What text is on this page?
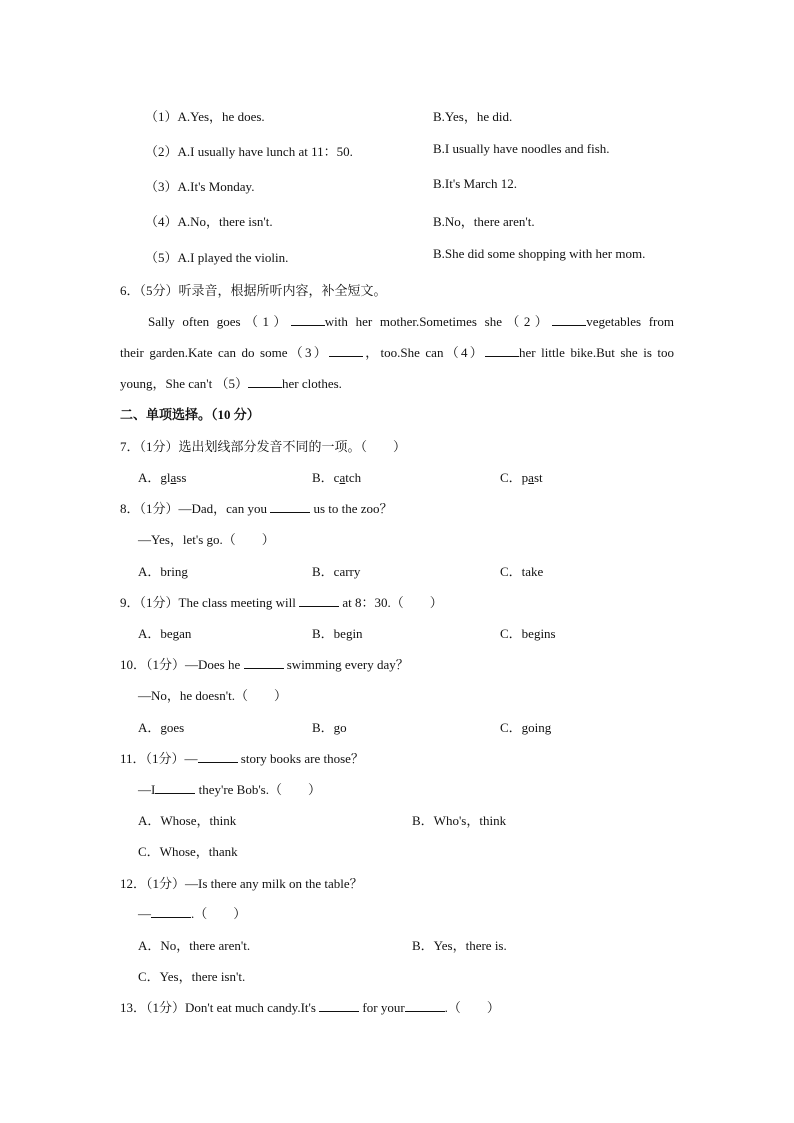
（1）A.Yes，he does.	B.Yes，he did.
（2）A.I usually have lunch at 11：50.	B.I usually have noodles and fish.
（3）A.It's Monday.	B.It's March 12.
（4）A.No，there isn't.	B.No，there aren't.
（5）A.I played the violin.	B.She did some shopping with her mom.
6．（5分）听录音，根据所听内容，补全短文。
Sally often goes（1）	with her mother.Sometimes she（2）	vegetables from
their garden.Kate can do some（3）	，too.She can（4）	her little bike.But she is too
young，She can't （5）	her clothes.
二、单项选择。（10 分）
7．（1分）选出划线部分发音不同的一项。（　　）
A．glass	B．catch	C．past
8．（1分）—Dad，can you	us to the zoo？
—Yes，let's go.（　　）
A．bring	B．carry	C．take
9．（1分）The class meeting will	at 8：30.（　　）
A．began	B．begin	C．begins
10．（1分）—Does he	swimming every day？
—No，he doesn't.（　　）
A．goes	B．go	C．going
11．（1分）—	story books are those？
—I	they're Bob's.（　　）
A．Whose，think	B．Who's，think
C．Whose，thank
12．（1分）—Is there any milk on the table？
—	.（　　）
A．No，there aren't.	B．Yes，there is.
C．Yes，there isn't.
13．（1分）Don't eat much candy.It's	for your	.（　　）
